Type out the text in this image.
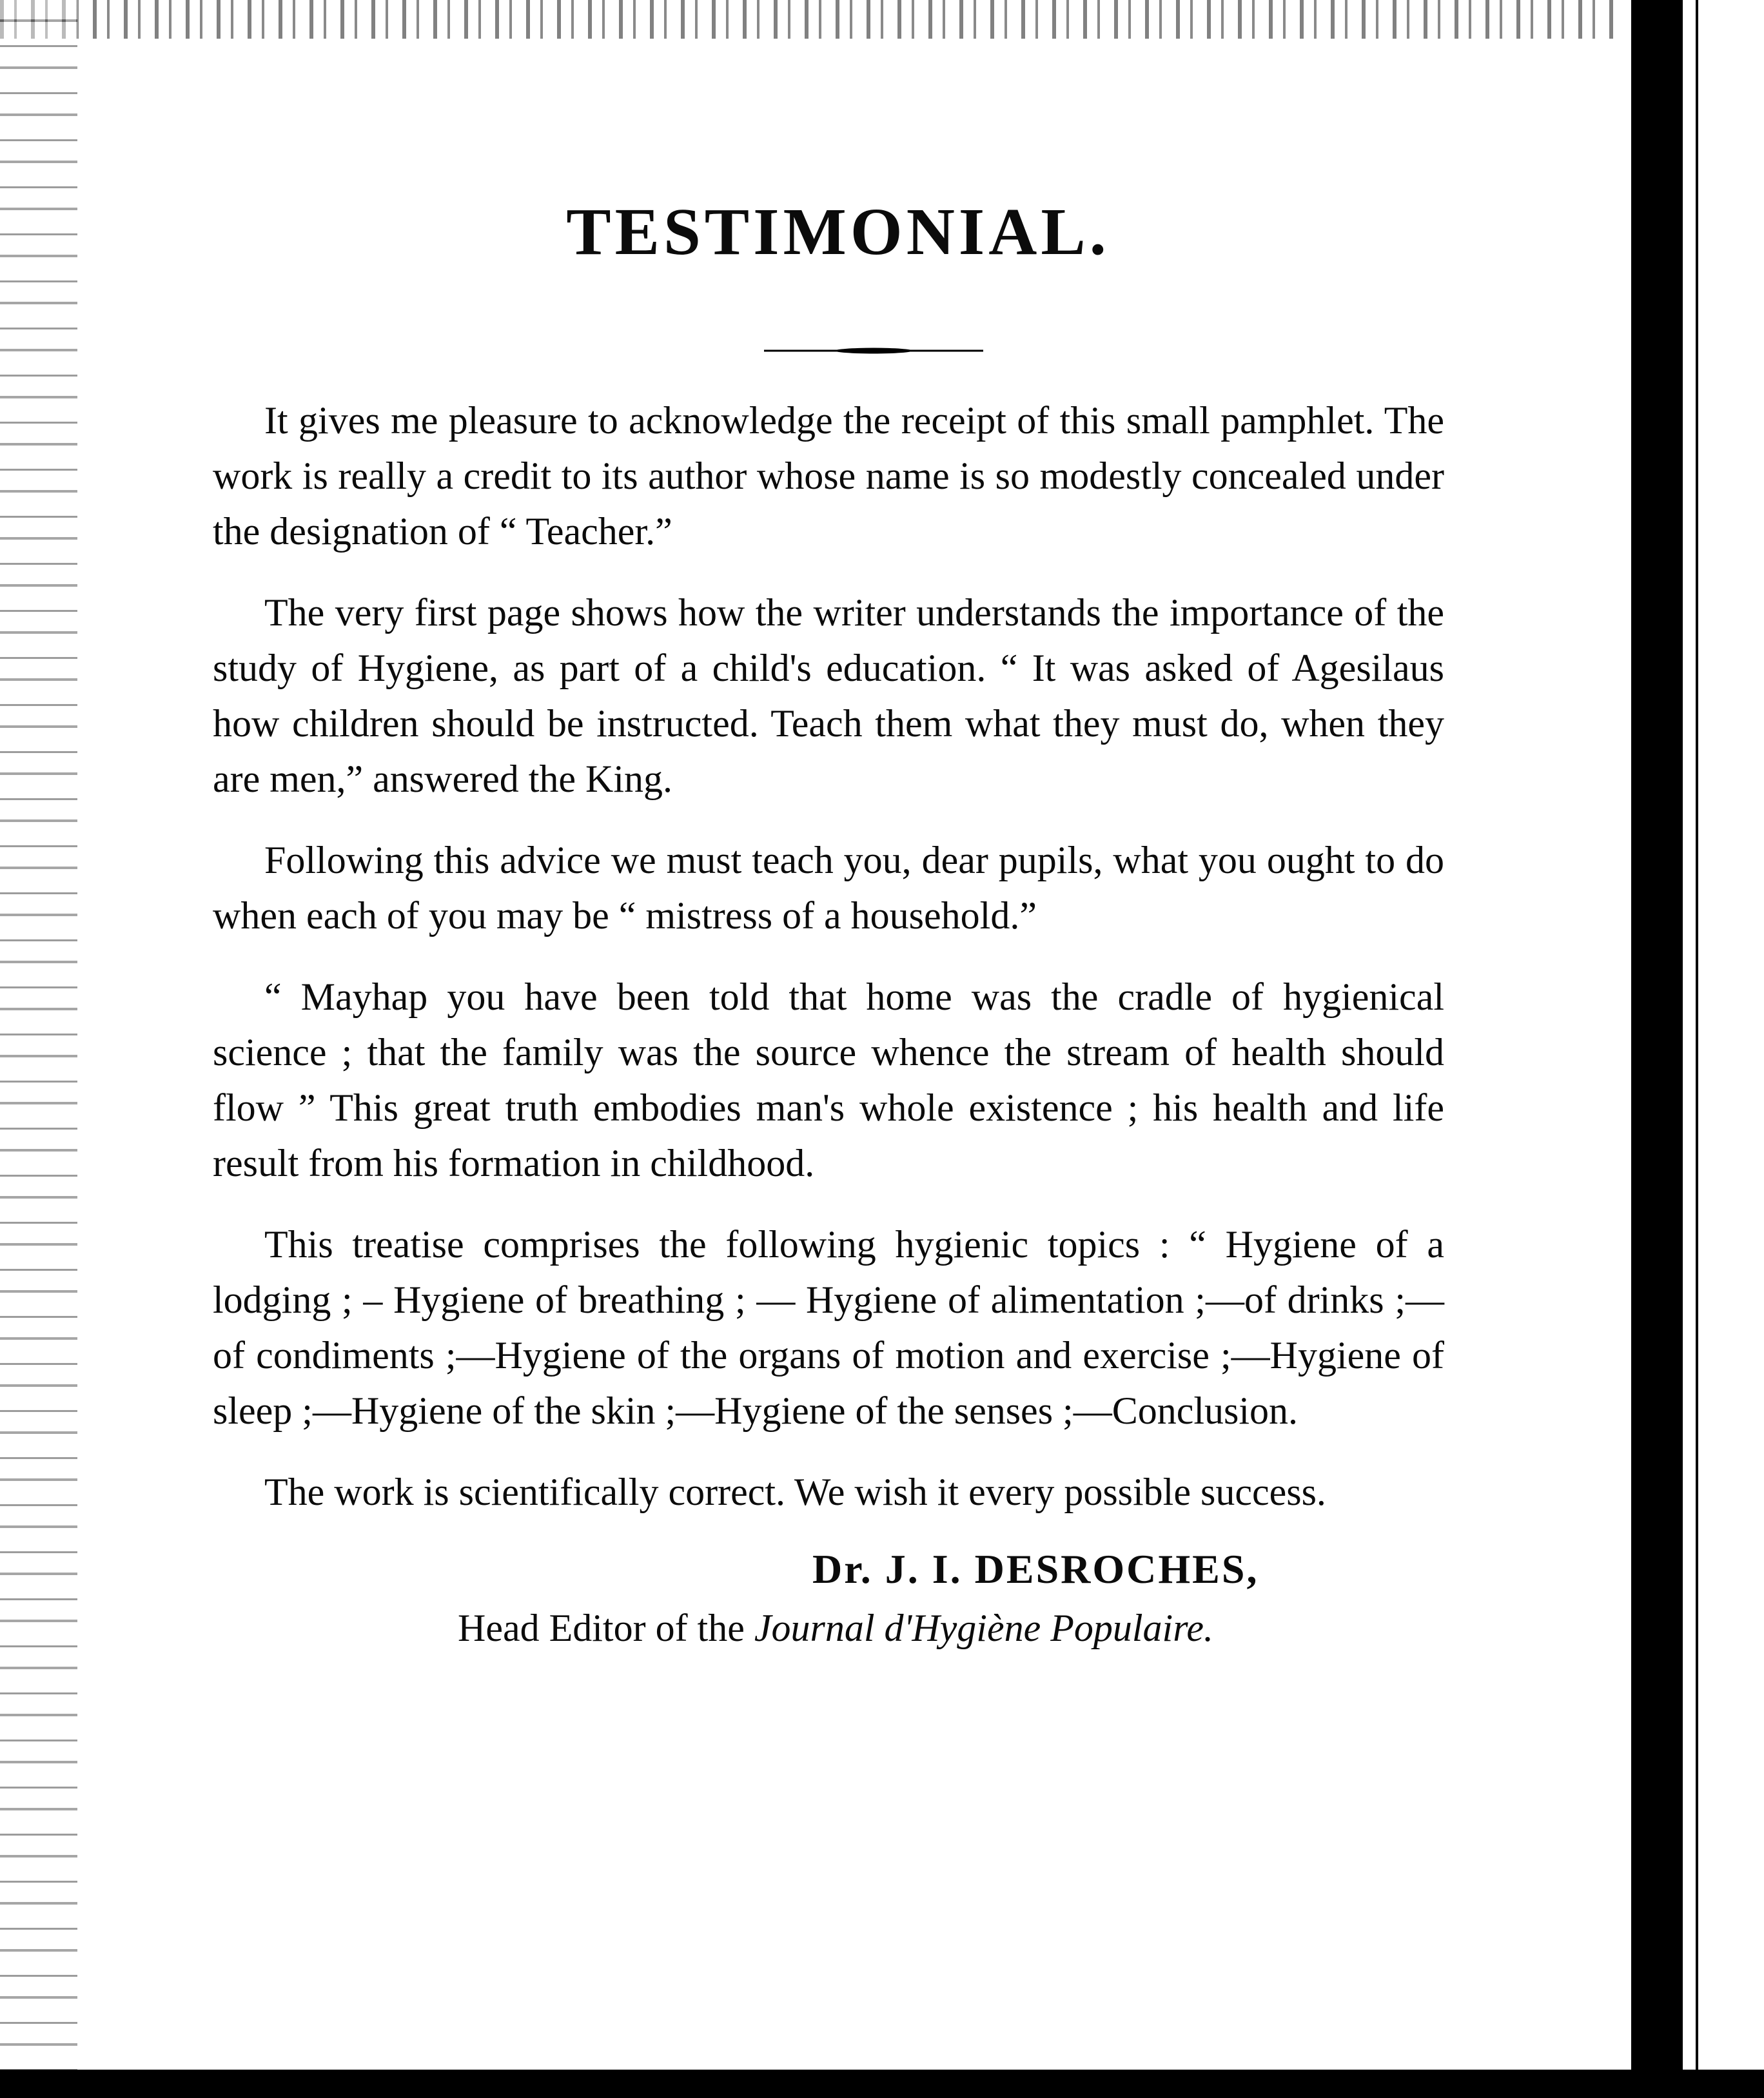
TESTIMONIAL.

It gives me pleasure to acknowledge the receipt of this small pamphlet. The work is really a credit to its author whose name is so modestly concealed under the designation of “ Teacher.”

The very first page shows how the writer understands the importance of the study of Hygiene, as part of a child's education. “ It was asked of Agesilaus how children should be instructed. Teach them what they must do, when they are men,” answered the King.

Following this advice we must teach you, dear pupils, what you ought to do when each of you may be “ mistress of a household.”

“ Mayhap you have been told that home was the cradle of hygienical science ; that the family was the source whence the stream of health should flow ” This great truth embodies man's whole existence ; his health and life result from his formation in childhood.

This treatise comprises the following hygienic topics : “ Hygiene of a lodging ; – Hygiene of breathing ; — Hygiene of alimentation ;—of drinks ;—of condiments ;—Hygiene of the organs of motion and exercise ;—Hygiene of sleep ;—Hygiene of the skin ;—Hygiene of the senses ;—Conclusion.

The work is scientifically correct. We wish it every possible success.

Dr. J. I. DESROCHES,
Head Editor of the Journal d'Hygiène Populaire.
